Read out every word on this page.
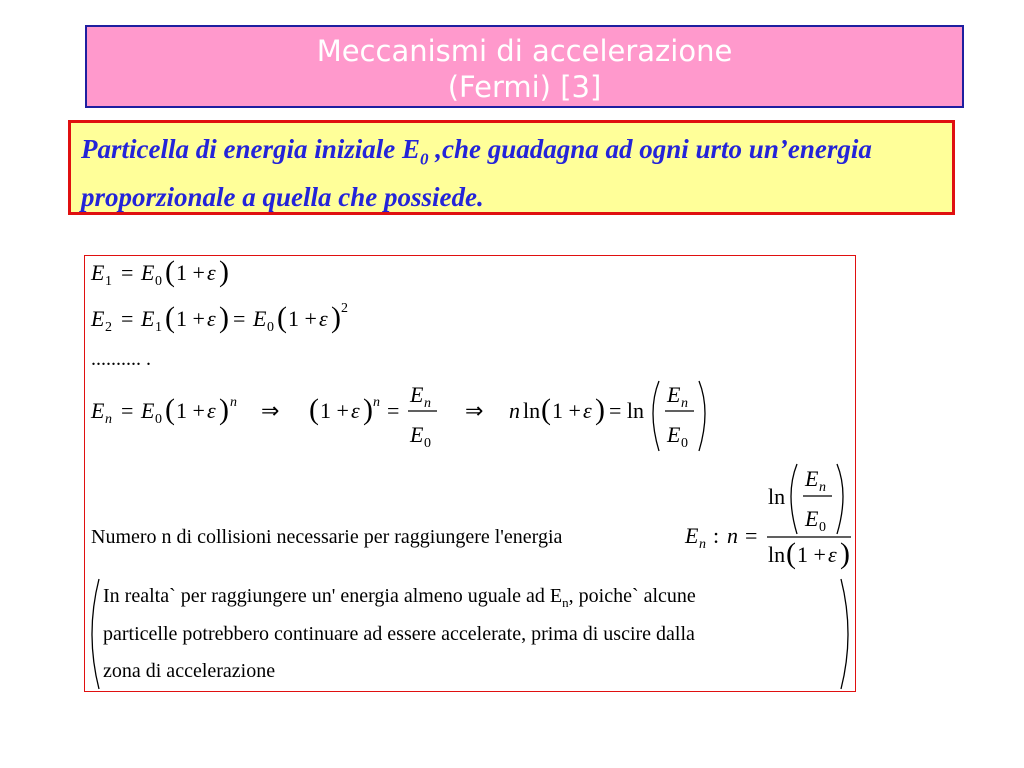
Meccanismi di accelerazione
(Fermi) [3]
Particella di energia iniziale $E_0$ ,che guadagna ad ogni urto un’energia proporzionale a quella che possiede.
E 1 = E 0 ( 1 + ε )
E 2 = E 1 ( 1 + ε ) = E 0 ( 1 + ε ) 2
.......... .
E n = E 0 ( 1 + ε ) n ⇒ ( 1 + ε ) n =
E n
E 0
⇒ n ln ( 1 + ε ) = ln
E n
E 0
Numero n di collisioni necessarie per raggiungere l'energia	E n : n =
ln
E n
E 0
ln ( 1 + ε )
In realta` per raggiungere un' energia almeno uguale ad $E_n$, poiche` alcune
particelle potrebbero continuare ad essere accelerate, prima di uscire dalla
zona di accelerazione
